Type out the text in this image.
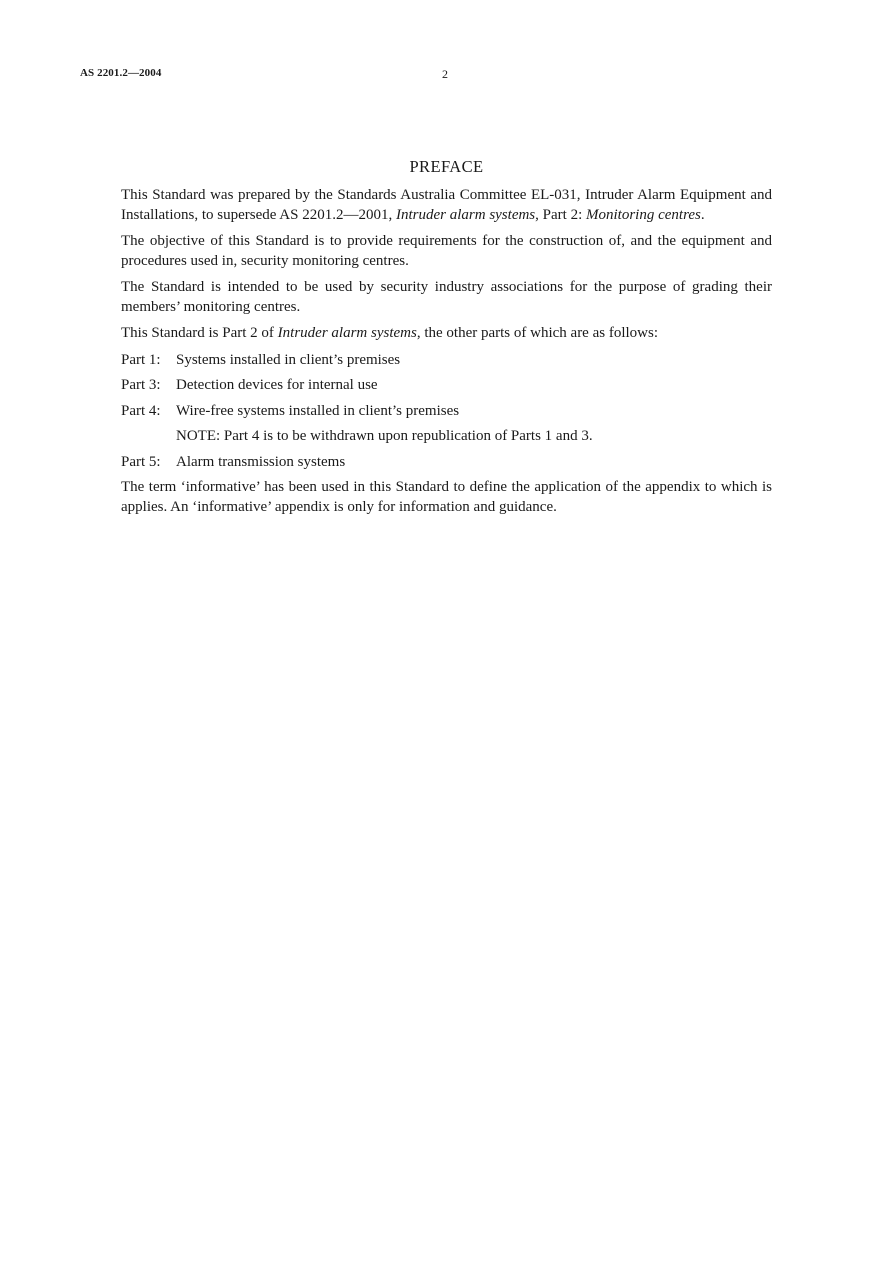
AS 2201.2—2004	2
PREFACE

This Standard was prepared by the Standards Australia Committee EL-031, Intruder Alarm Equipment and Installations, to supersede AS 2201.2—2001, Intruder alarm systems, Part 2: Monitoring centres.

The objective of this Standard is to provide requirements for the construction of, and the equipment and procedures used in, security monitoring centres.

The Standard is intended to be used by security industry associations for the purpose of grading their members’ monitoring centres.

This Standard is Part 2 of Intruder alarm systems, the other parts of which are as follows:

Part 1: Systems installed in client’s premises
Part 3: Detection devices for internal use
Part 4: Wire-free systems installed in client’s premises
NOTE: Part 4 is to be withdrawn upon republication of Parts 1 and 3.
Part 5: Alarm transmission systems

The term ‘informative’ has been used in this Standard to define the application of the appendix to which is applies. An ‘informative’ appendix is only for information and guidance.
